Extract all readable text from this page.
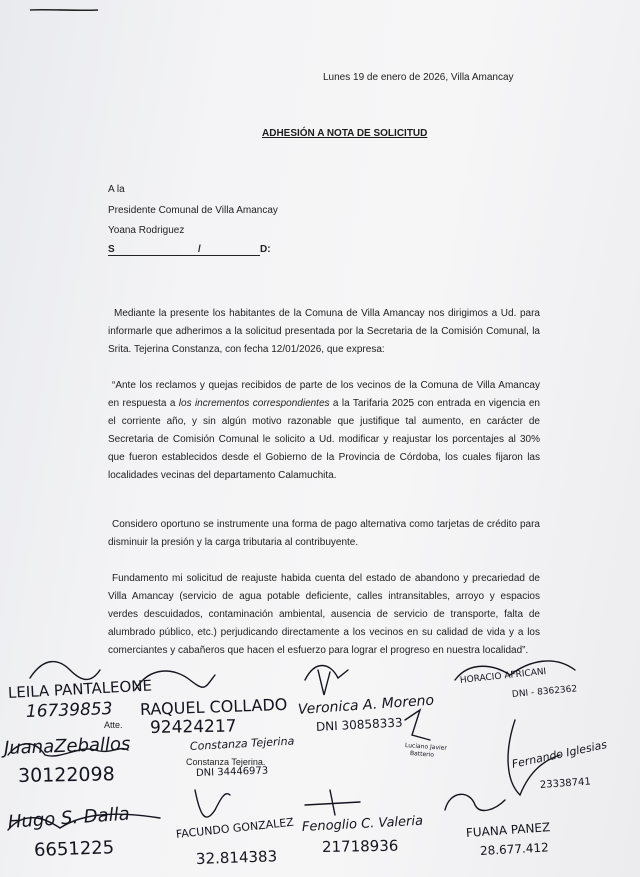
Lunes 19 de enero de 2026, Villa Amancay
ADHESIÓN A NOTA DE SOLICITUD
A la
Presidente Comunal de Villa Amancay
Yoana Rodriguez
S	/	D:

Mediante la presente los habitantes de la Comuna de Villa Amancay nos dirigimos a Ud. para informarle que adherimos a la solicitud presentada por la Secretaria de la Comisión Comunal, la Srita. Tejerina Constanza, con fecha 12/01/2026, que expresa:

“Ante los reclamos y quejas recibidos de parte de los vecinos de la Comuna de Villa Amancay en respuesta a los incrementos correspondientes a la Tarifaria 2025 con entrada en vigencia en el corriente año, y sin algún motivo razonable que justifique tal aumento, en carácter de Secretaria de Comisión Comunal le solicito a Ud. modificar y reajustar los porcentajes al 30% que fueron establecidos desde el Gobierno de la Provincia de Córdoba, los cuales fijaron las localidades vecinas del departamento Calamuchita.

Considero oportuno se instrumente una forma de pago alternativa como tarjetas de crédito para disminuir la presión y la carga tributaria al contribuyente.

Fundamento mi solicitud de reajuste habida cuenta del estado de abandono y precariedad de Villa Amancay (servicio de agua potable deficiente, calles intransitables, arroyo y espacios verdes descuidados, contaminación ambiental, ausencia de servicio de transporte, falta de alumbrado público, etc.) perjudicando directamente a los vecinos en su calidad de vida y a los comerciantes y cabañeros que hacen el esfuerzo para lograr el progreso en nuestra localidad”.

Atte.
Constanza Tejerina.
LEILA PANTALEONE
16739853 RAQUEL COLLADO
92424217
Veronica A. Moreno
DNI 30858333
HORACIO AFRICANI
DNI - 8362362
Constanza Tejerina
DNI 34446973
Luciano Javier
Batterio	Fernando Iglesias
23338741
Hugo S. Dalla
6651225
FACUNDO GONZALEZ
32.814383
Fenoglio C. Valeria
21718936
JuanaZeballos
30122098
FUANA PANEZ
28.677.412
